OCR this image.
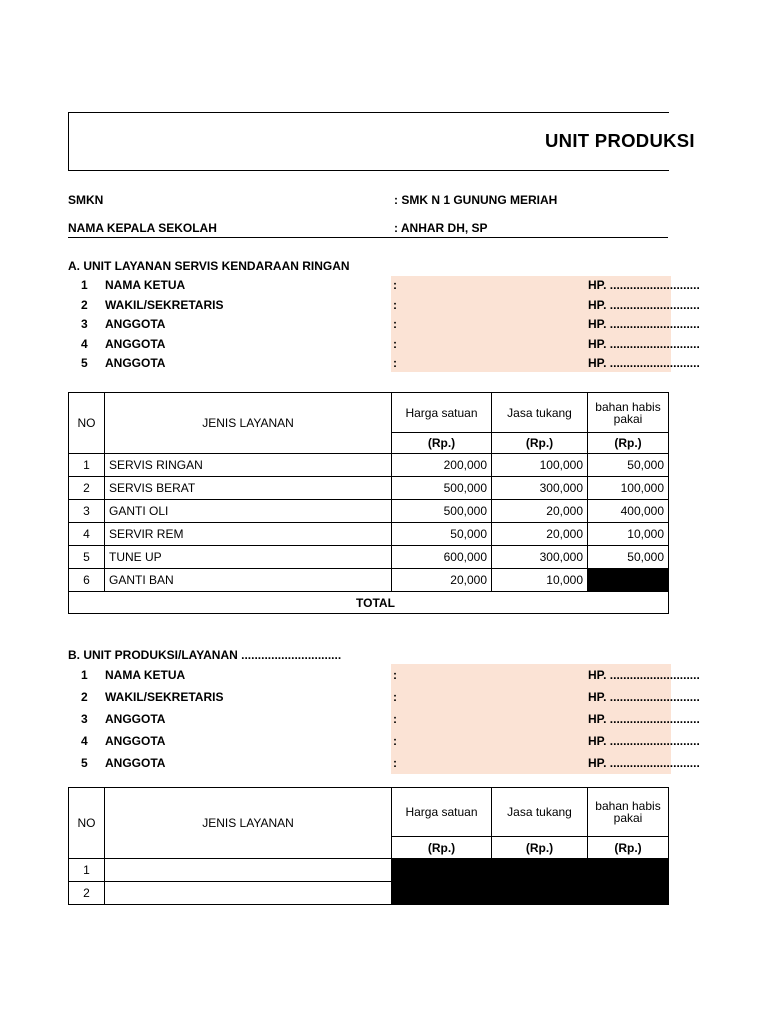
UNIT PRODUKSI
SMKN	: SMK N 1 GUNUNG MERIAH
NAMA KEPALA SEKOLAH	: ANHAR DH, SP
A. UNIT LAYANAN SERVIS KENDARAAN RINGAN
1 NAMA KETUA	:	HP. ...........................
2 WAKIL/SEKRETARIS	:	HP. ...........................
3 ANGGOTA	:	HP. ...........................
4 ANGGOTA	:	HP. ...........................
5 ANGGOTA	:	HP. ...........................
NO	JENIS LAYANAN	Harga satuan	Jasa tukang	bahan habis pakai
		(Rp.)	(Rp.)	(Rp.)
1	SERVIS RINGAN	200,000	100,000	50,000
2	SERVIS BERAT	500,000	300,000	100,000
3	GANTI OLI	500,000	20,000	400,000
4	SERVIR REM	50,000	20,000	10,000
5	TUNE UP	600,000	300,000	50,000
6	GANTI BAN	20,000	10,000	
TOTAL				
B. UNIT PRODUKSI/LAYANAN ..............................
1 NAMA KETUA	:	HP. ...........................
2 WAKIL/SEKRETARIS	:	HP. ...........................
3 ANGGOTA	:	HP. ...........................
4 ANGGOTA	:	HP. ...........................
5 ANGGOTA	:	HP. ...........................
NO	JENIS LAYANAN	Harga satuan	Jasa tukang	bahan habis pakai
		(Rp.)	(Rp.)	(Rp.)
1				
2				
